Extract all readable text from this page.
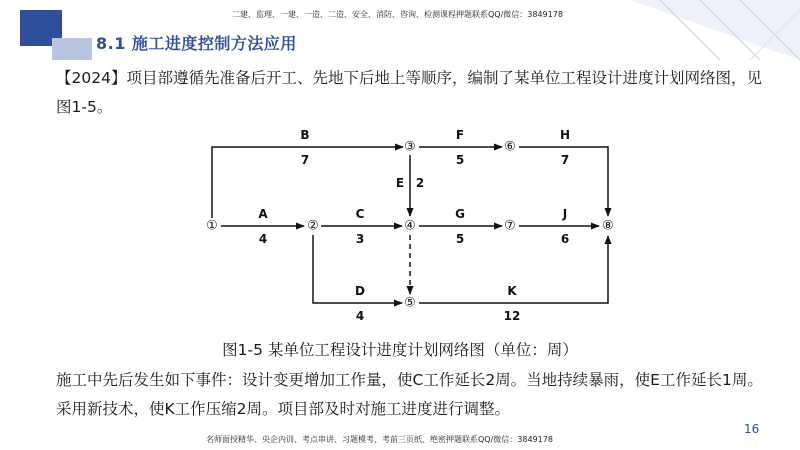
二建、监理、一建、一造、二造、安全、消防、咨询、检测课程押题联系QQ/微信：3849178
8.1 施工进度控制方法应用
【2024】项目部遵循先准备后开工、先地下后地上等顺序，编制了某单位工程设计进度计划网络图，见图1-5。
①	②
③
④
⑤
⑥
⑦	⑧
A
4
B
7
C
3
D
4
E 2
F
5
G
5
H
7
J
6
K
12
图1-5 某单位工程设计进度计划网络图（单位：周）
施工中先后发生如下事件：设计变更增加工作量，使C工作延长2周。当地持续暴雨，使E工作延长1周。采用新技术，使K工作压缩2周。项目部及时对施工进度进行调整。
名师面授精华、央企内训、考点串讲、习题模考、考前三页纸、绝密押题联系QQ/微信：3849178
16
